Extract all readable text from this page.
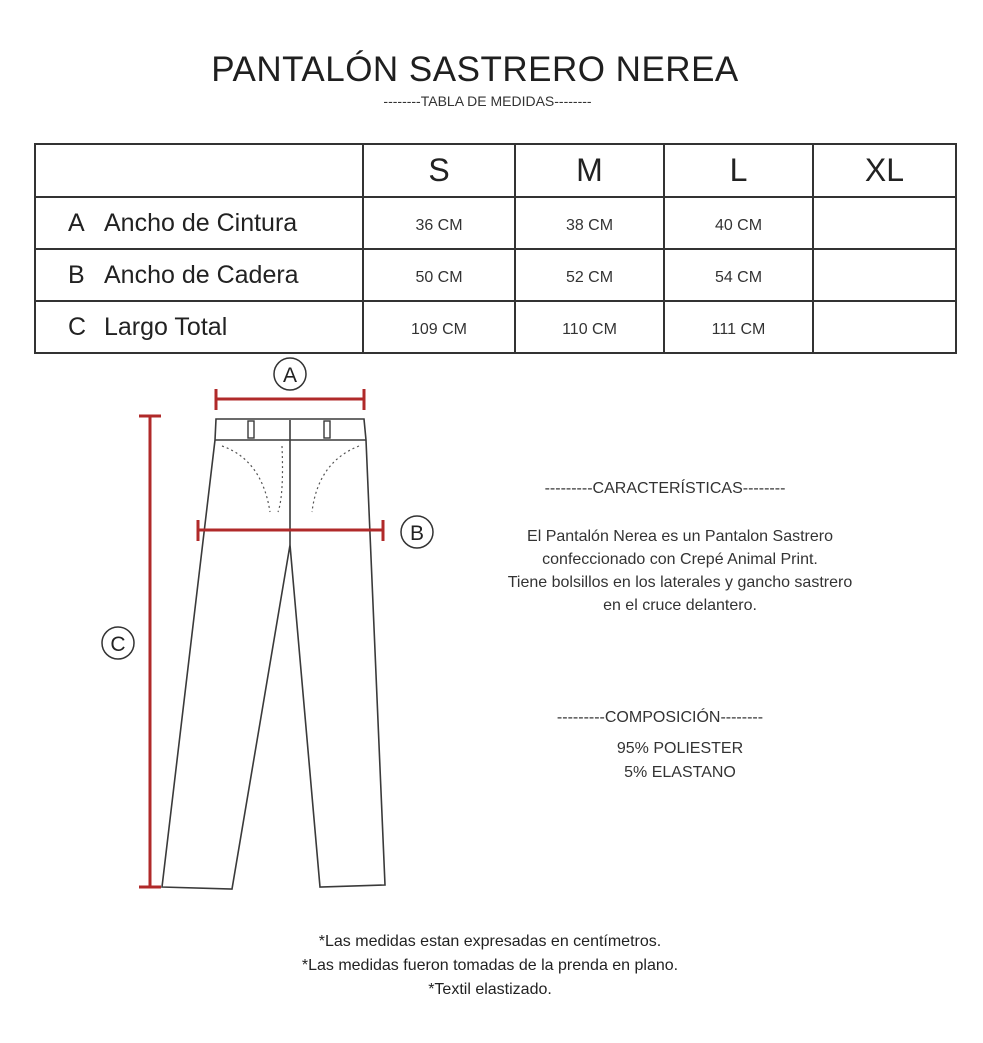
PANTALÓN SASTRERO NEREA
--------TABLA DE MEDIDAS--------
	S	M	L	XL
A Ancho de Cintura	36 CM	38 CM	40 CM	
B Ancho de Cadera	50 CM	52 CM	54 CM	
C Largo Total	109 CM	110 CM	111 CM	
A
B
C
---------CARACTERÍSTICAS--------
El Pantalón Nerea es un Pantalon Sastrero
confeccionado con Crepé Animal Print.
Tiene bolsillos en los laterales y gancho sastrero
en el cruce delantero.
---------COMPOSICIÓN--------
95% POLIESTER
5% ELASTANO
*Las medidas estan expresadas en centímetros.
*Las medidas fueron tomadas de la prenda en plano.
*Textil elastizado.
